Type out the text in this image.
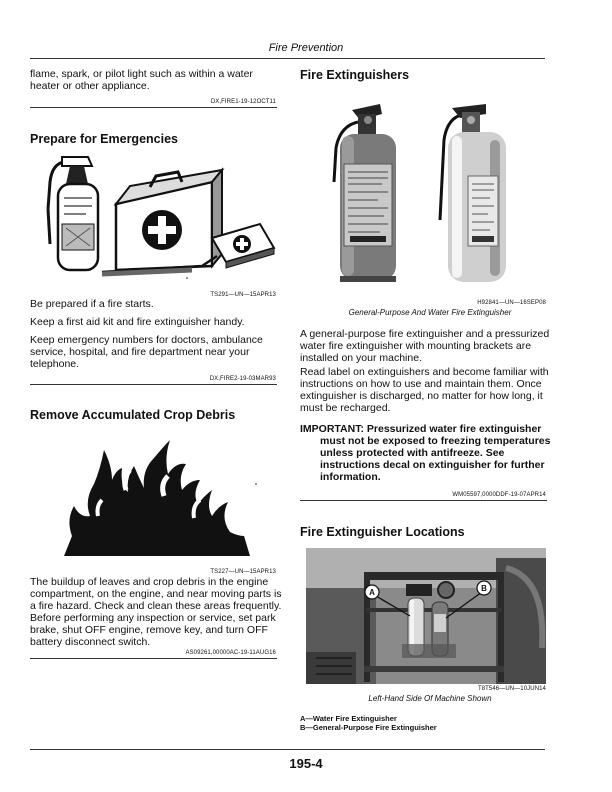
Fire Prevention
flame, spark, or pilot light such as within a water heater or other appliance.
DX,FIRE1-19-12OCT11
Prepare for Emergencies
TS291—UN—15APR13
Be prepared if a fire starts.
Keep a first aid kit and fire extinguisher handy.
Keep emergency numbers for doctors, ambulance service, hospital, and fire department near your telephone.
DX,FIRE2-19-03MAR93
Remove Accumulated Crop Debris
TS227—UN—15APR13
The buildup of leaves and crop debris in the engine compartment, on the engine, and near moving parts is a fire hazard. Check and clean these areas frequently. Before performing any inspection or service, set park brake, shut OFF engine, remove key, and turn OFF battery disconnect switch.
AS09261,00000AC-19-11AUG16
Fire Extinguishers
H92841—UN—16SEP08
General-Purpose And Water Fire Extinguisher
A general-purpose fire extinguisher and a pressurized water fire extinguisher with mounting brackets are installed on your machine.
Read label on extinguishers and become familiar with instructions on how to use and maintain them. Once extinguisher is discharged, no matter for how long, it must be recharged.
IMPORTANT: Pressurized water fire extinguisher
must not be exposed to freezing temperatures unless protected with antifreeze. See instructions decal on extinguisher for further information.
WM05597,0000DDF-19-07APR14
Fire Extinguisher Locations
A	B
T8T546—UN—10JUN14
Left-Hand Side Of Machine Shown
A—Water Fire Extinguisher
B—General-Purpose Fire Extinguisher
195-4
